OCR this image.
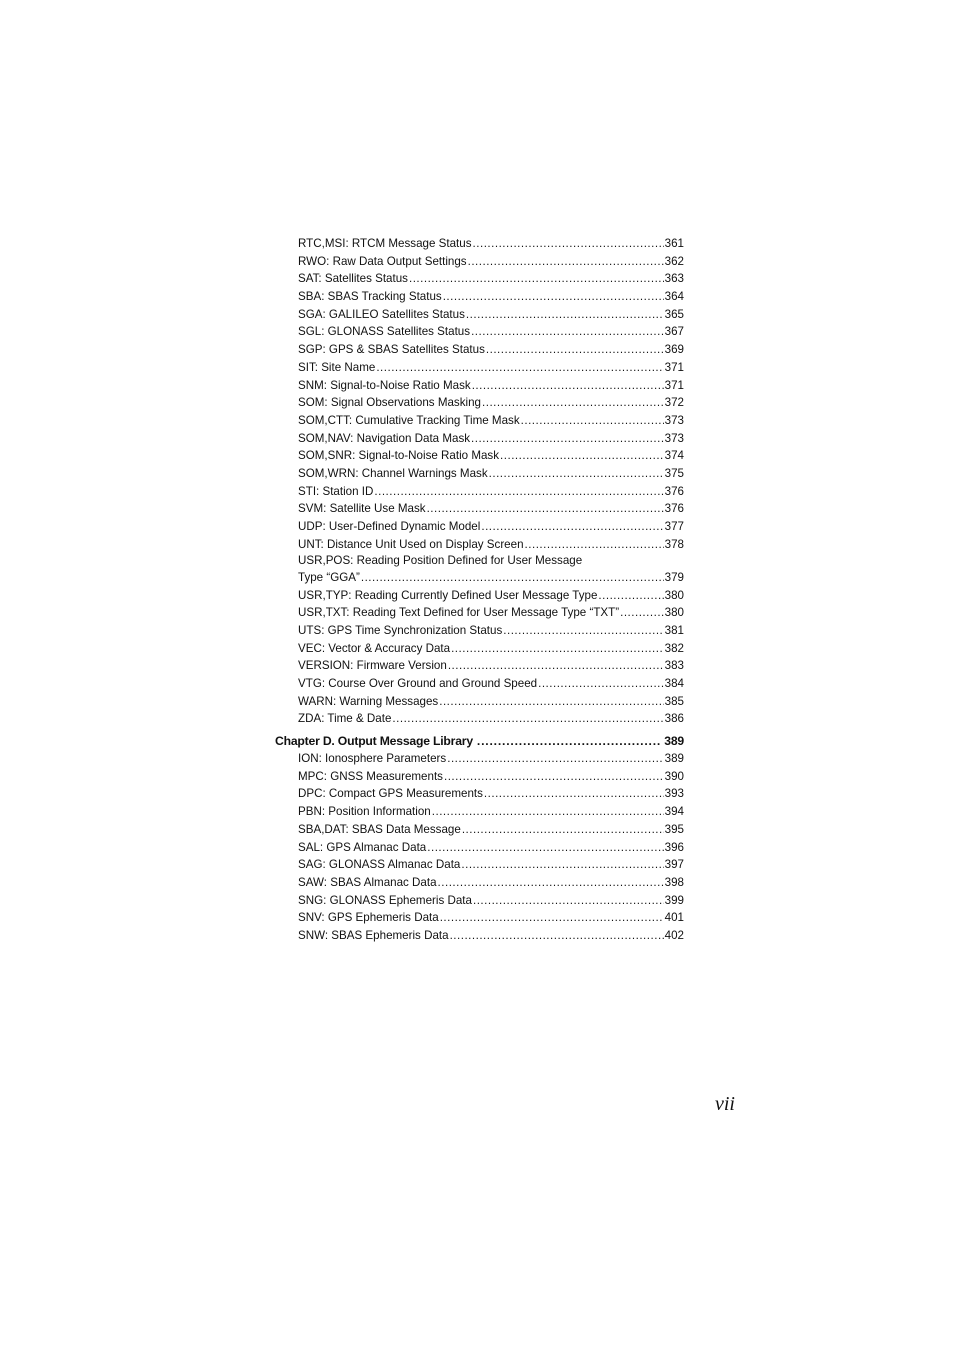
RTC,MSI: RTCM Message Status .....	361
RWO: Raw Data Output Settings .....	362
SAT: Satellites Status .....	363
SBA: SBAS Tracking Status .....	364
SGA: GALILEO Satellites Status .....	365
SGL: GLONASS Satellites Status .....	367
SGP: GPS & SBAS Satellites Status .....	369
SIT: Site Name .....	371
SNM: Signal-to-Noise Ratio Mask .....	371
SOM: Signal Observations Masking .....	372
SOM,CTT: Cumulative Tracking Time Mask .....	373
SOM,NAV: Navigation Data Mask .....	373
SOM,SNR: Signal-to-Noise Ratio Mask .....	374
SOM,WRN: Channel Warnings Mask .....	375
STI: Station ID .....	376
SVM: Satellite Use Mask .....	376
UDP: User-Defined Dynamic Model .....	377
UNT: Distance Unit Used on Display Screen .....	378
USR,POS: Reading Position Defined for User Message
Type “GGA” .....	379
USR,TYP: Reading Currently Defined User Message Type .....	380
USR,TXT: Reading Text Defined for User Message Type “TXT” .....	380
UTS: GPS Time Synchronization Status .....	381
VEC: Vector & Accuracy Data .....	382
VERSION: Firmware Version .....	383
VTG: Course Over Ground and Ground Speed .....	384
WARN: Warning Messages .....	385
ZDA: Time & Date .....	386
Chapter D. Output Message Library .....	389
ION: Ionosphere Parameters .....	389
MPC: GNSS Measurements .....	390
DPC: Compact GPS Measurements .....	393
PBN: Position Information .....	394
SBA,DAT: SBAS Data Message .....	395
SAL: GPS Almanac Data .....	396
SAG: GLONASS Almanac Data .....	397
SAW: SBAS Almanac Data .....	398
SNG: GLONASS Ephemeris Data .....	399
SNV: GPS Ephemeris Data .....	401
SNW: SBAS Ephemeris Data .....	402
vii
